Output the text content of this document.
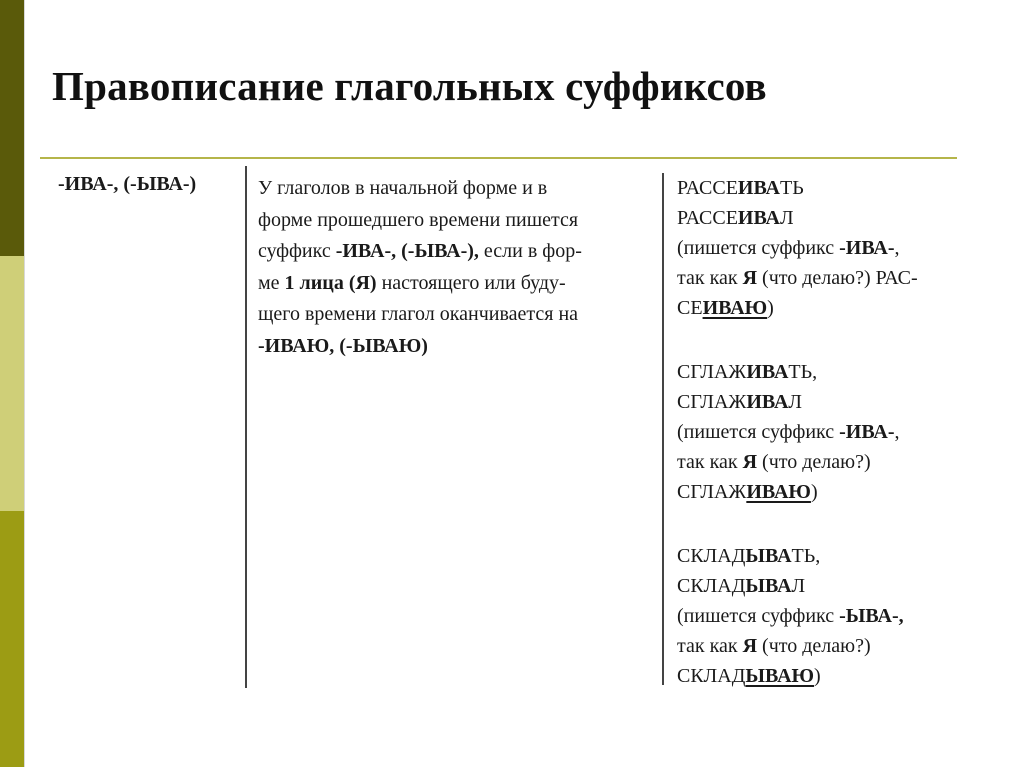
Правописание глагольных суффиксов
-ИВА-, (-ЫВА-)	У глаголов в начальной форме и в
форме прошедшего времени пишется
суффикс -ИВА-, (-ЫВА-), если в фор-
ме 1 лица (Я) настоящего или буду-
щего времени глагол оканчивается на
-ИВАЮ, (-ЫВАЮ)
РАССЕИВАТЬ
РАССЕИВАЛ
(пишется суффикс -ИВА-,
так как Я (что делаю?) РАС-
СЕИВАЮ)
СГЛАЖИВАТЬ,
СГЛАЖИВАЛ
(пишется суффикс -ИВА-,
так как Я (что делаю?)
СГЛАЖИВАЮ)
СКЛАДЫВАТЬ,
СКЛАДЫВАЛ
(пишется суффикс -ЫВА-,
так как Я (что делаю?)
СКЛАДЫВАЮ)
